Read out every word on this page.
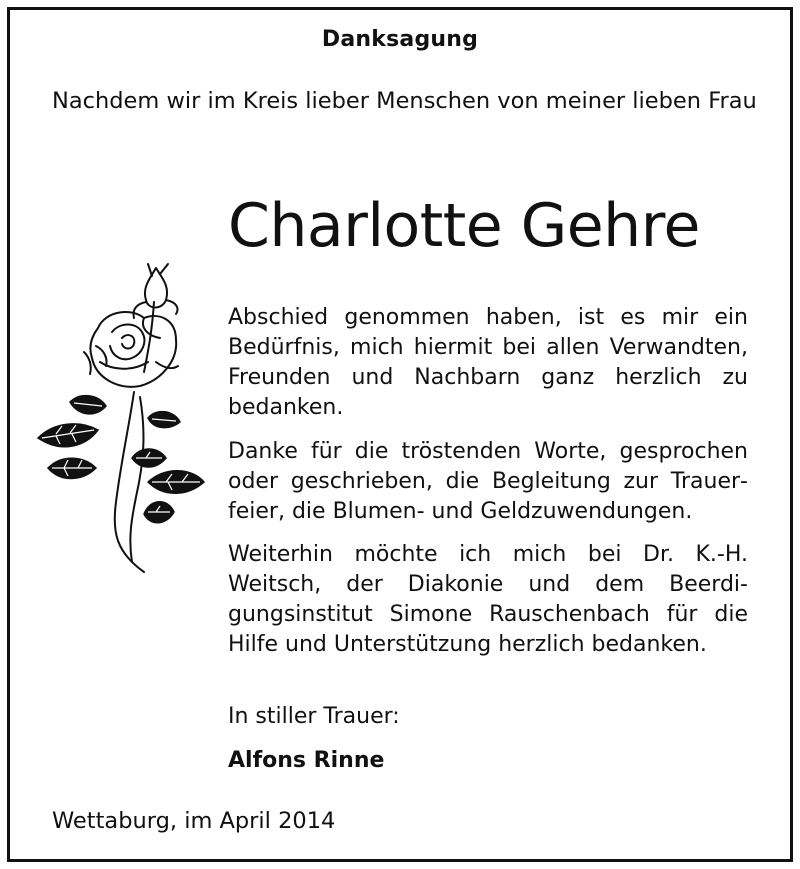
Danksagung
Nachdem wir im Kreis lieber Menschen von meiner lieben Frau
Charlotte Gehre
Abschied genommen haben, ist es mir ein Bedürfnis, mich hiermit bei allen Verwandten, Freunden und Nachbarn ganz herzlich zu bedanken.
Danke für die tröstenden Worte, gesprochen oder geschrieben, die Begleitung zur Trauerfeier, die Blumen- und Geldzuwendungen.
Weiterhin möchte ich mich bei Dr. K.-H. Weitsch, der Diakonie und dem Beerdigungsinstitut Simone Rauschenbach für die Hilfe und Unterstützung herzlich bedanken.
In stiller Trauer:
Alfons Rinne
Wettaburg, im April 2014
